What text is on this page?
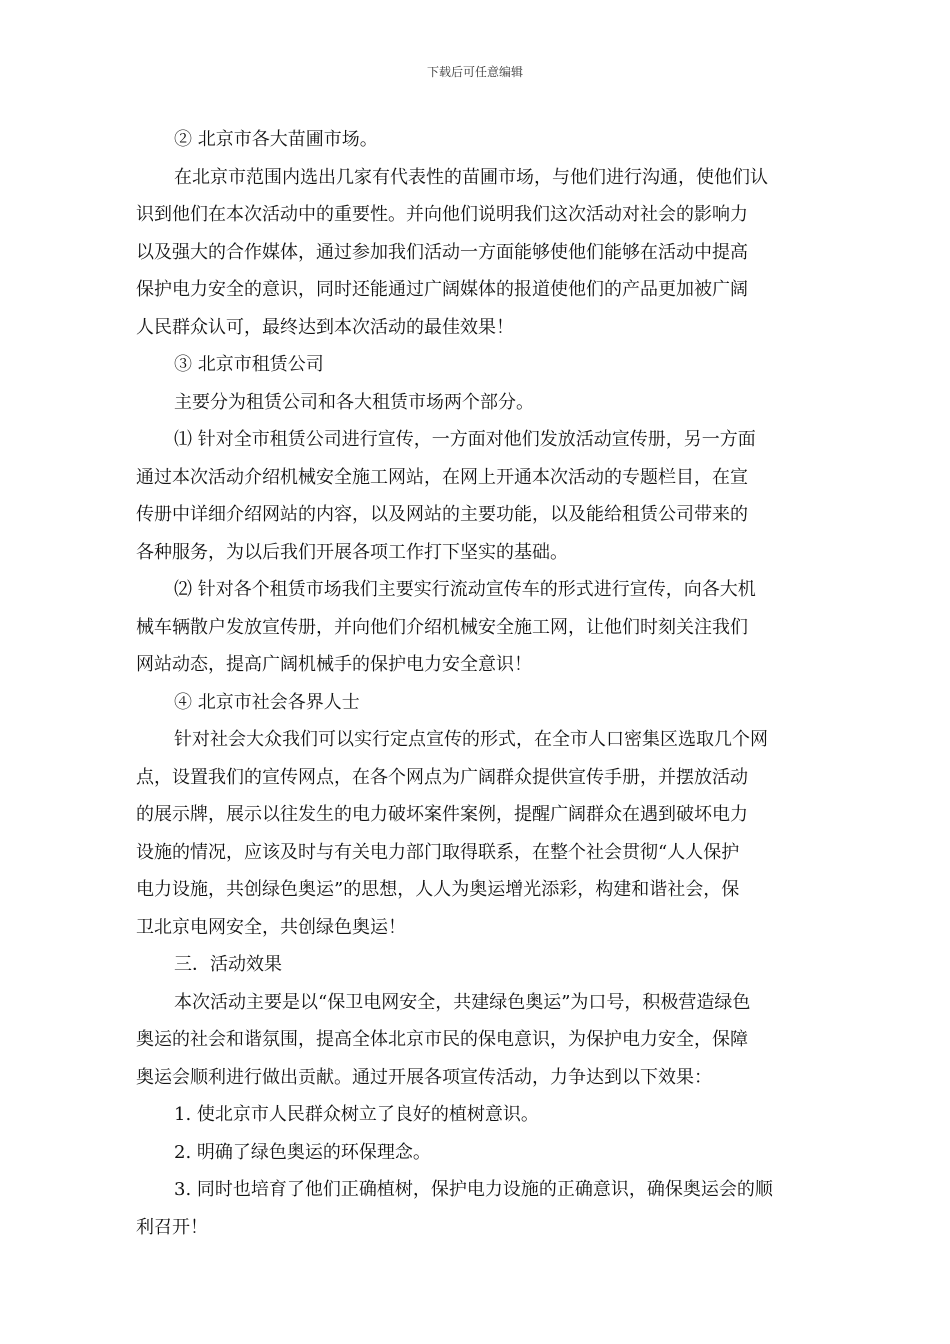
下载后可任意编辑

② 北京市各大苗圃市场。

在北京市范围内选出几家有代表性的苗圃市场，与他们进行沟通，使他们认
识到他们在本次活动中的重要性。并向他们说明我们这次活动对社会的影响力
以及强大的合作媒体，通过参加我们活动一方面能够使他们能够在活动中提高
保护电力安全的意识，同时还能通过广阔媒体的报道使他们的产品更加被广阔
人民群众认可，最终达到本次活动的最佳效果！

③ 北京市租赁公司

主要分为租赁公司和各大租赁市场两个部分。

⑴ 针对全市租赁公司进行宣传，一方面对他们发放活动宣传册，另一方面
通过本次活动介绍机械安全施工网站，在网上开通本次活动的专题栏目，在宣
传册中详细介绍网站的内容，以及网站的主要功能，以及能给租赁公司带来的
各种服务，为以后我们开展各项工作打下坚实的基础。

⑵ 针对各个租赁市场我们主要实行流动宣传车的形式进行宣传，向各大机
械车辆散户发放宣传册，并向他们介绍机械安全施工网，让他们时刻关注我们
网站动态，提高广阔机械手的保护电力安全意识！

④ 北京市社会各界人士

针对社会大众我们可以实行定点宣传的形式，在全市人口密集区选取几个网
点，设置我们的宣传网点，在各个网点为广阔群众提供宣传手册，并摆放活动
的展示牌，展示以往发生的电力破坏案件案例，提醒广阔群众在遇到破坏电力
设施的情况，应该及时与有关电力部门取得联系，在整个社会贯彻“人人保护
电力设施，共创绿色奥运”的思想，人人为奥运增光添彩，构建和谐社会，保
卫北京电网安全，共创绿色奥运！

三．活动效果

本次活动主要是以“保卫电网安全，共建绿色奥运”为口号，积极营造绿色
奥运的社会和谐氛围，提高全体北京市民的保电意识，为保护电力安全，保障
奥运会顺利进行做出贡献。通过开展各项宣传活动，力争达到以下效果：

1. 使北京市人民群众树立了良好的植树意识。

2. 明确了绿色奥运的环保理念。

3. 同时也培育了他们正确植树，保护电力设施的正确意识，确保奥运会的顺
利召开！
